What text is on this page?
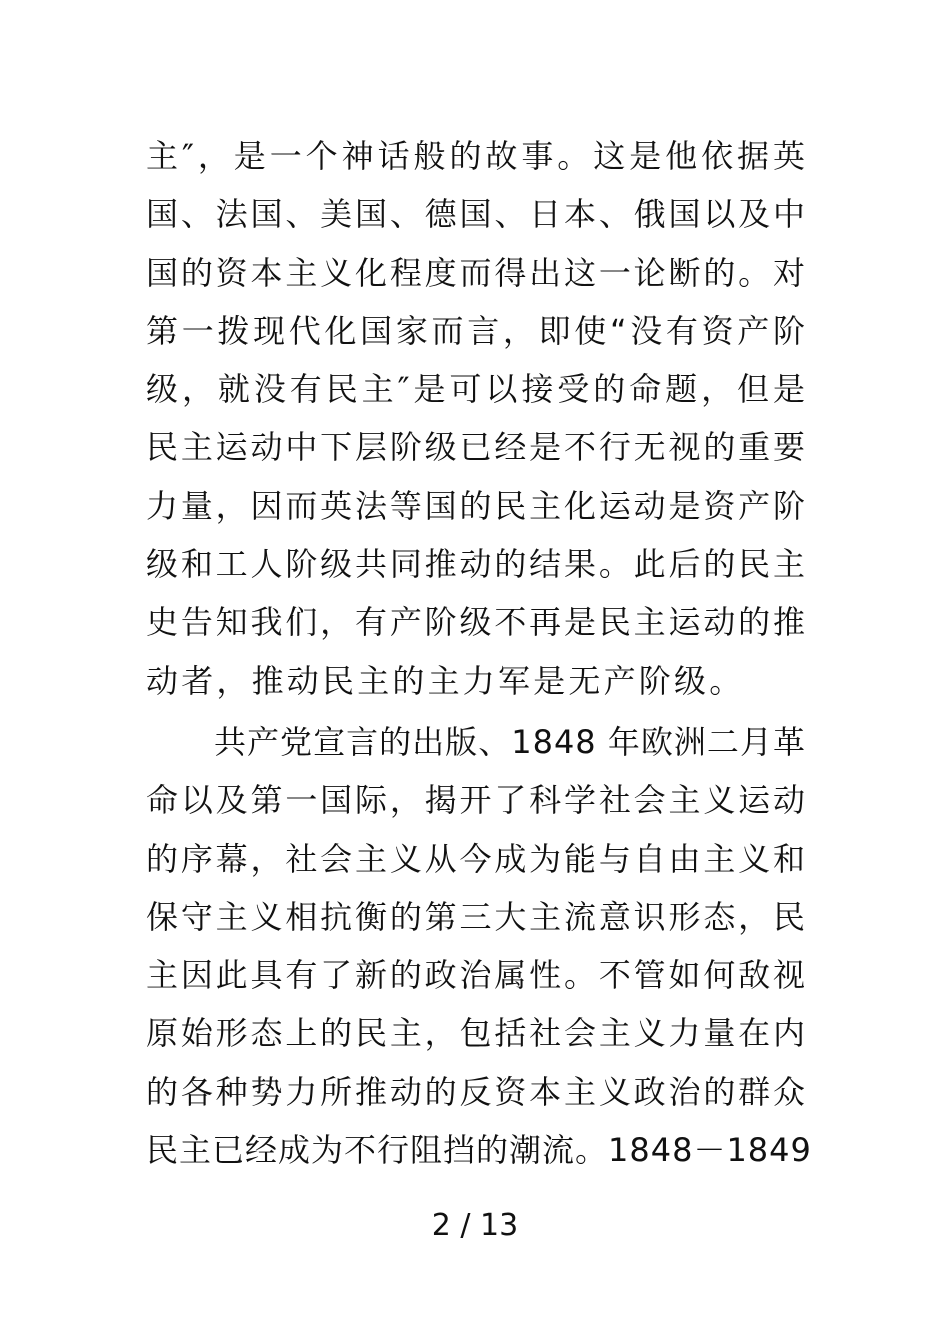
主″，是一个神话般的故事。这是他依据英
国、法国、美国、德国、日本、俄国以及中
国的资本主义化程度而得出这一论断的。对
第一拨现代化国家而言，即使“没有资产阶
级，就没有民主″是可以接受的命题，但是
民主运动中下层阶级已经是不行无视的重要
力量，因而英法等国的民主化运动是资产阶
级和工人阶级共同推动的结果。此后的民主
史告知我们，有产阶级不再是民主运动的推
动者，推动民主的主力军是无产阶级。
共产党宣言的出版、1848 年欧洲二月革
命以及第一国际，揭开了科学社会主义运动
的序幕，社会主义从今成为能与自由主义和
保守主义相抗衡的第三大主流意识形态，民
主因此具有了新的政治属性。不管如何敌视
原始形态上的民主，包括社会主义力量在内
的各种势力所推动的反资本主义政治的群众
民主已经成为不行阻挡的潮流。1848－1849
2 / 13
